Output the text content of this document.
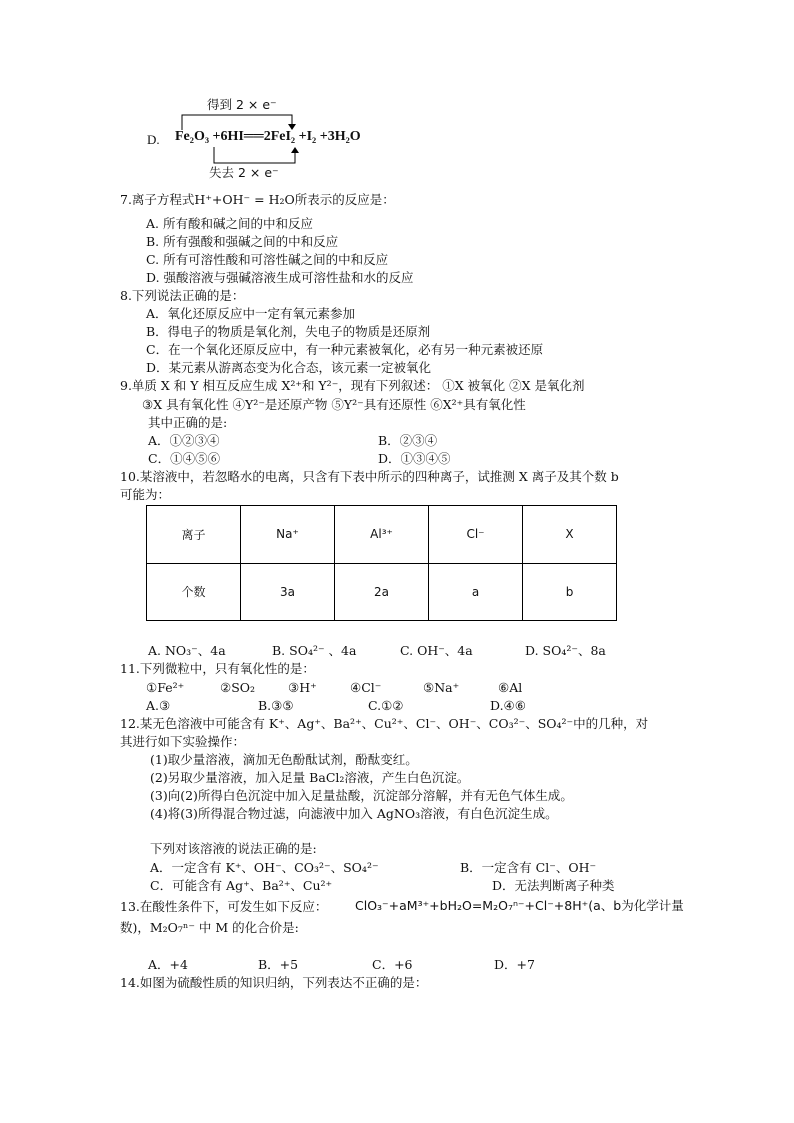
得到 2 × e⁻
D. Fe₂O₃ +6HI══2FeI₂ +I₂ +3H₂O
失去 2 × e⁻
7.离子方程式H⁺+OH⁻ = H₂O所表示的反应是：
A. 所有酸和碱之间的中和反应
B. 所有强酸和强碱之间的中和反应
C. 所有可溶性酸和可溶性碱之间的中和反应
D. 强酸溶液与强碱溶液生成可溶性盐和水的反应
8.下列说法正确的是：
A．氧化还原反应中一定有氧元素参加
B．得电子的物质是氧化剂，失电子的物质是还原剂
C．在一个氧化还原反应中，有一种元素被氧化，必有另一种元素被还原
D．某元素从游离态变为化合态，该元素一定被氧化
9.单质 X 和 Y 相互反应生成 X²⁺和 Y²⁻，现有下列叙述： ①X 被氧化 ②X 是氧化剂
③X 具有氧化性 ④Y²⁻是还原产物 ⑤Y²⁻具有还原性 ⑥X²⁺具有氧化性
其中正确的是:
A．①②③④	B．②③④
C．①④⑤⑥	D．①③④⑤
10.某溶液中，若忽略水的电离，只含有下表中所示的四种离子，试推测 X 离子及其个数 b
可能为：
离子	Na⁺	Al³⁺	Cl⁻	X
个数	3a	2a	a	b
A. NO₃⁻、4a	B. SO₄²⁻ 、4a	C. OH⁻、4a	D. SO₄²⁻、8a
11.下列微粒中，只有氧化性的是：
①Fe²⁺	②SO₂	③H⁺	④Cl⁻	⑤Na⁺	⑥Al
A.③	B.③⑤	C.①②	D.④⑥
12.某无色溶液中可能含有 K⁺、Ag⁺、Ba²⁺、Cu²⁺、Cl⁻、OH⁻、CO₃²⁻、SO₄²⁻中的几种，对
其进行如下实验操作：
(1)取少量溶液，滴加无色酚酞试剂，酚酞变红。
(2)另取少量溶液，加入足量 BaCl₂溶液，产生白色沉淀。
(3)向(2)所得白色沉淀中加入足量盐酸，沉淀部分溶解，并有无色气体生成。
(4)将(3)所得混合物过滤，向滤液中加入 AgNO₃溶液，有白色沉淀生成。
下列对该溶液的说法正确的是:
A．一定含有 K⁺、OH⁻、CO₃²⁻、SO₄²⁻	B．一定含有 Cl⁻、OH⁻
C．可能含有 Ag⁺、Ba²⁺、Cu²⁺	D．无法判断离子种类
13.在酸性条件下，可发生如下反应： ClO₃⁻+aM³⁺+bH₂O=M₂O₇ⁿ⁻+Cl⁻+8H⁺(a、b为化学计量
数)，M₂O₇ⁿ⁻ 中 M 的化合价是:
A．+4	B．+5	C．+6	D．+7
14.如图为硫酸性质的知识归纳，下列表达不正确的是：
